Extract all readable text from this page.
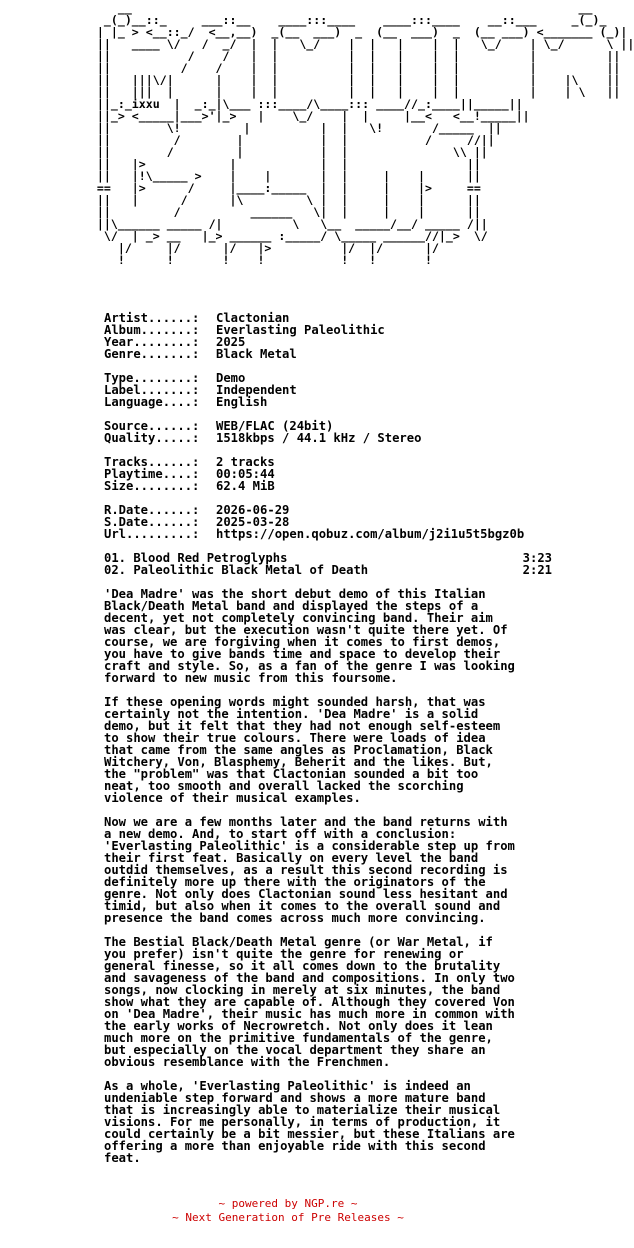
__                                                                __
_(_)__::_     ___::__    ____:::____    ____:::____    __::___     _(_)_
| |_ > <__::_/  <__,__)  _(__  ___)  _  (__  ___)  _  (__ ___) <_______ (_)|
||   ____ \/   /  _/  |  |   \_/    |  |   |    |  |   \_/    | \_/      \ ||
||           /    /   |  |          |  |   |    |  |          |          ||
||          /    /    |  |          |  |   |    |  |          |          ||
||   |||\/|      |    |  |          |  |   |    |  |          |    |\    ||
||   |||  |      |    |  |          |  |   |    |  |          |    | \   ||
||_:_ixxu  |  _:_|\___ :::____/\____::: ____//_:____||_____||
||_> <_____|___>'|_>   |    \_/    |  |     |__<   <__!_____||
||        \!         |          |  |   \!       /_____  ||
||         /        |           |  |           /     //||
||        /         |           |  |               \\ ||
||   |>            |            |  |                 ||
||   |!\_____ >    |    |       |  |     |    |      ||
==   |>      /     |____:_____  |  |     |    |>     ==
||   |      /      |\         \ |  |     |    |      ||
||         /          ______   \|  |     |    |      ||
||\______ _____ /|          \   \__  _____/__/ _____ /||
\/  | _> __   |_> ______ :_____/ \_____ ______//|_>  \/
|/     |/      |/   |>          |/  |/      |/
!      !       !    !           !   !       !
Artist......:	Clactonian
Album.......:	Everlasting Paleolithic
Year........:	2025
Genre.......:	Black Metal
Type........:	Demo
Label.......:	Independent
Language....:	English
Source......:	WEB/FLAC (24bit)
Quality.....:	1518kbps / 44.1 kHz / Stereo
Tracks......:	2 tracks
Playtime....:	00:05:44
Size........:	62.4 MiB
R.Date......:	2026-06-29
S.Date......:	2025-03-28
Url.........:	https://open.qobuz.com/album/j2i1u5t5bgz0b
01. Blood Red Petroglyphs	3:23
02. Paleolithic Black Metal of Death	2:21
'Dea Madre' was the short debut demo of this Italian
Black/Death Metal band and displayed the steps of a
decent, yet not completely convincing band. Their aim
was clear, but the execution wasn't quite there yet. Of
course, we are forgiving when it comes to first demos,
you have to give bands time and space to develop their
craft and style. So, as a fan of the genre I was looking
forward to new music from this foursome.
If these opening words might sounded harsh, that was
certainly not the intention. 'Dea Madre' is a solid
demo, but it felt that they had not enough self-esteem
to show their true colours. There were loads of idea
that came from the same angles as Proclamation, Black
Witchery, Von, Blasphemy, Beherit and the likes. But,
the "problem" was that Clactonian sounded a bit too
neat, too smooth and overall lacked the scorching
violence of their musical examples.
Now we are a few months later and the band returns with
a new demo. And, to start off with a conclusion:
'Everlasting Paleolithic' is a considerable step up from
their first feat. Basically on every level the band
outdid themselves, as a result this second recording is
definitely more up there with the originators of the
genre. Not only does Clactonian sound less hesitant and
timid, but also when it comes to the overall sound and
presence the band comes across much more convincing.
The Bestial Black/Death Metal genre (or War Metal, if
you prefer) isn't quite the genre for renewing or
general finesse, so it all comes down to the brutality
and savageness of the band and compositions. In only two
songs, now clocking in merely at six minutes, the band
show what they are capable of. Although they covered Von
on 'Dea Madre', their music has much more in common with
the early works of Necrowretch. Not only does it lean
much more on the primitive fundamentals of the genre,
but especially on the vocal department they share an
obvious resemblance with the Frenchmen.
As a whole, 'Everlasting Paleolithic' is indeed an
undeniable step forward and shows a more mature band
that is increasingly able to materialize their musical
visions. For me personally, in terms of production, it
could certainly be a bit messier, but these Italians are
offering a more than enjoyable ride with this second
feat.
~ powered by NGP.re ~
~ Next Generation of Pre Releases ~
